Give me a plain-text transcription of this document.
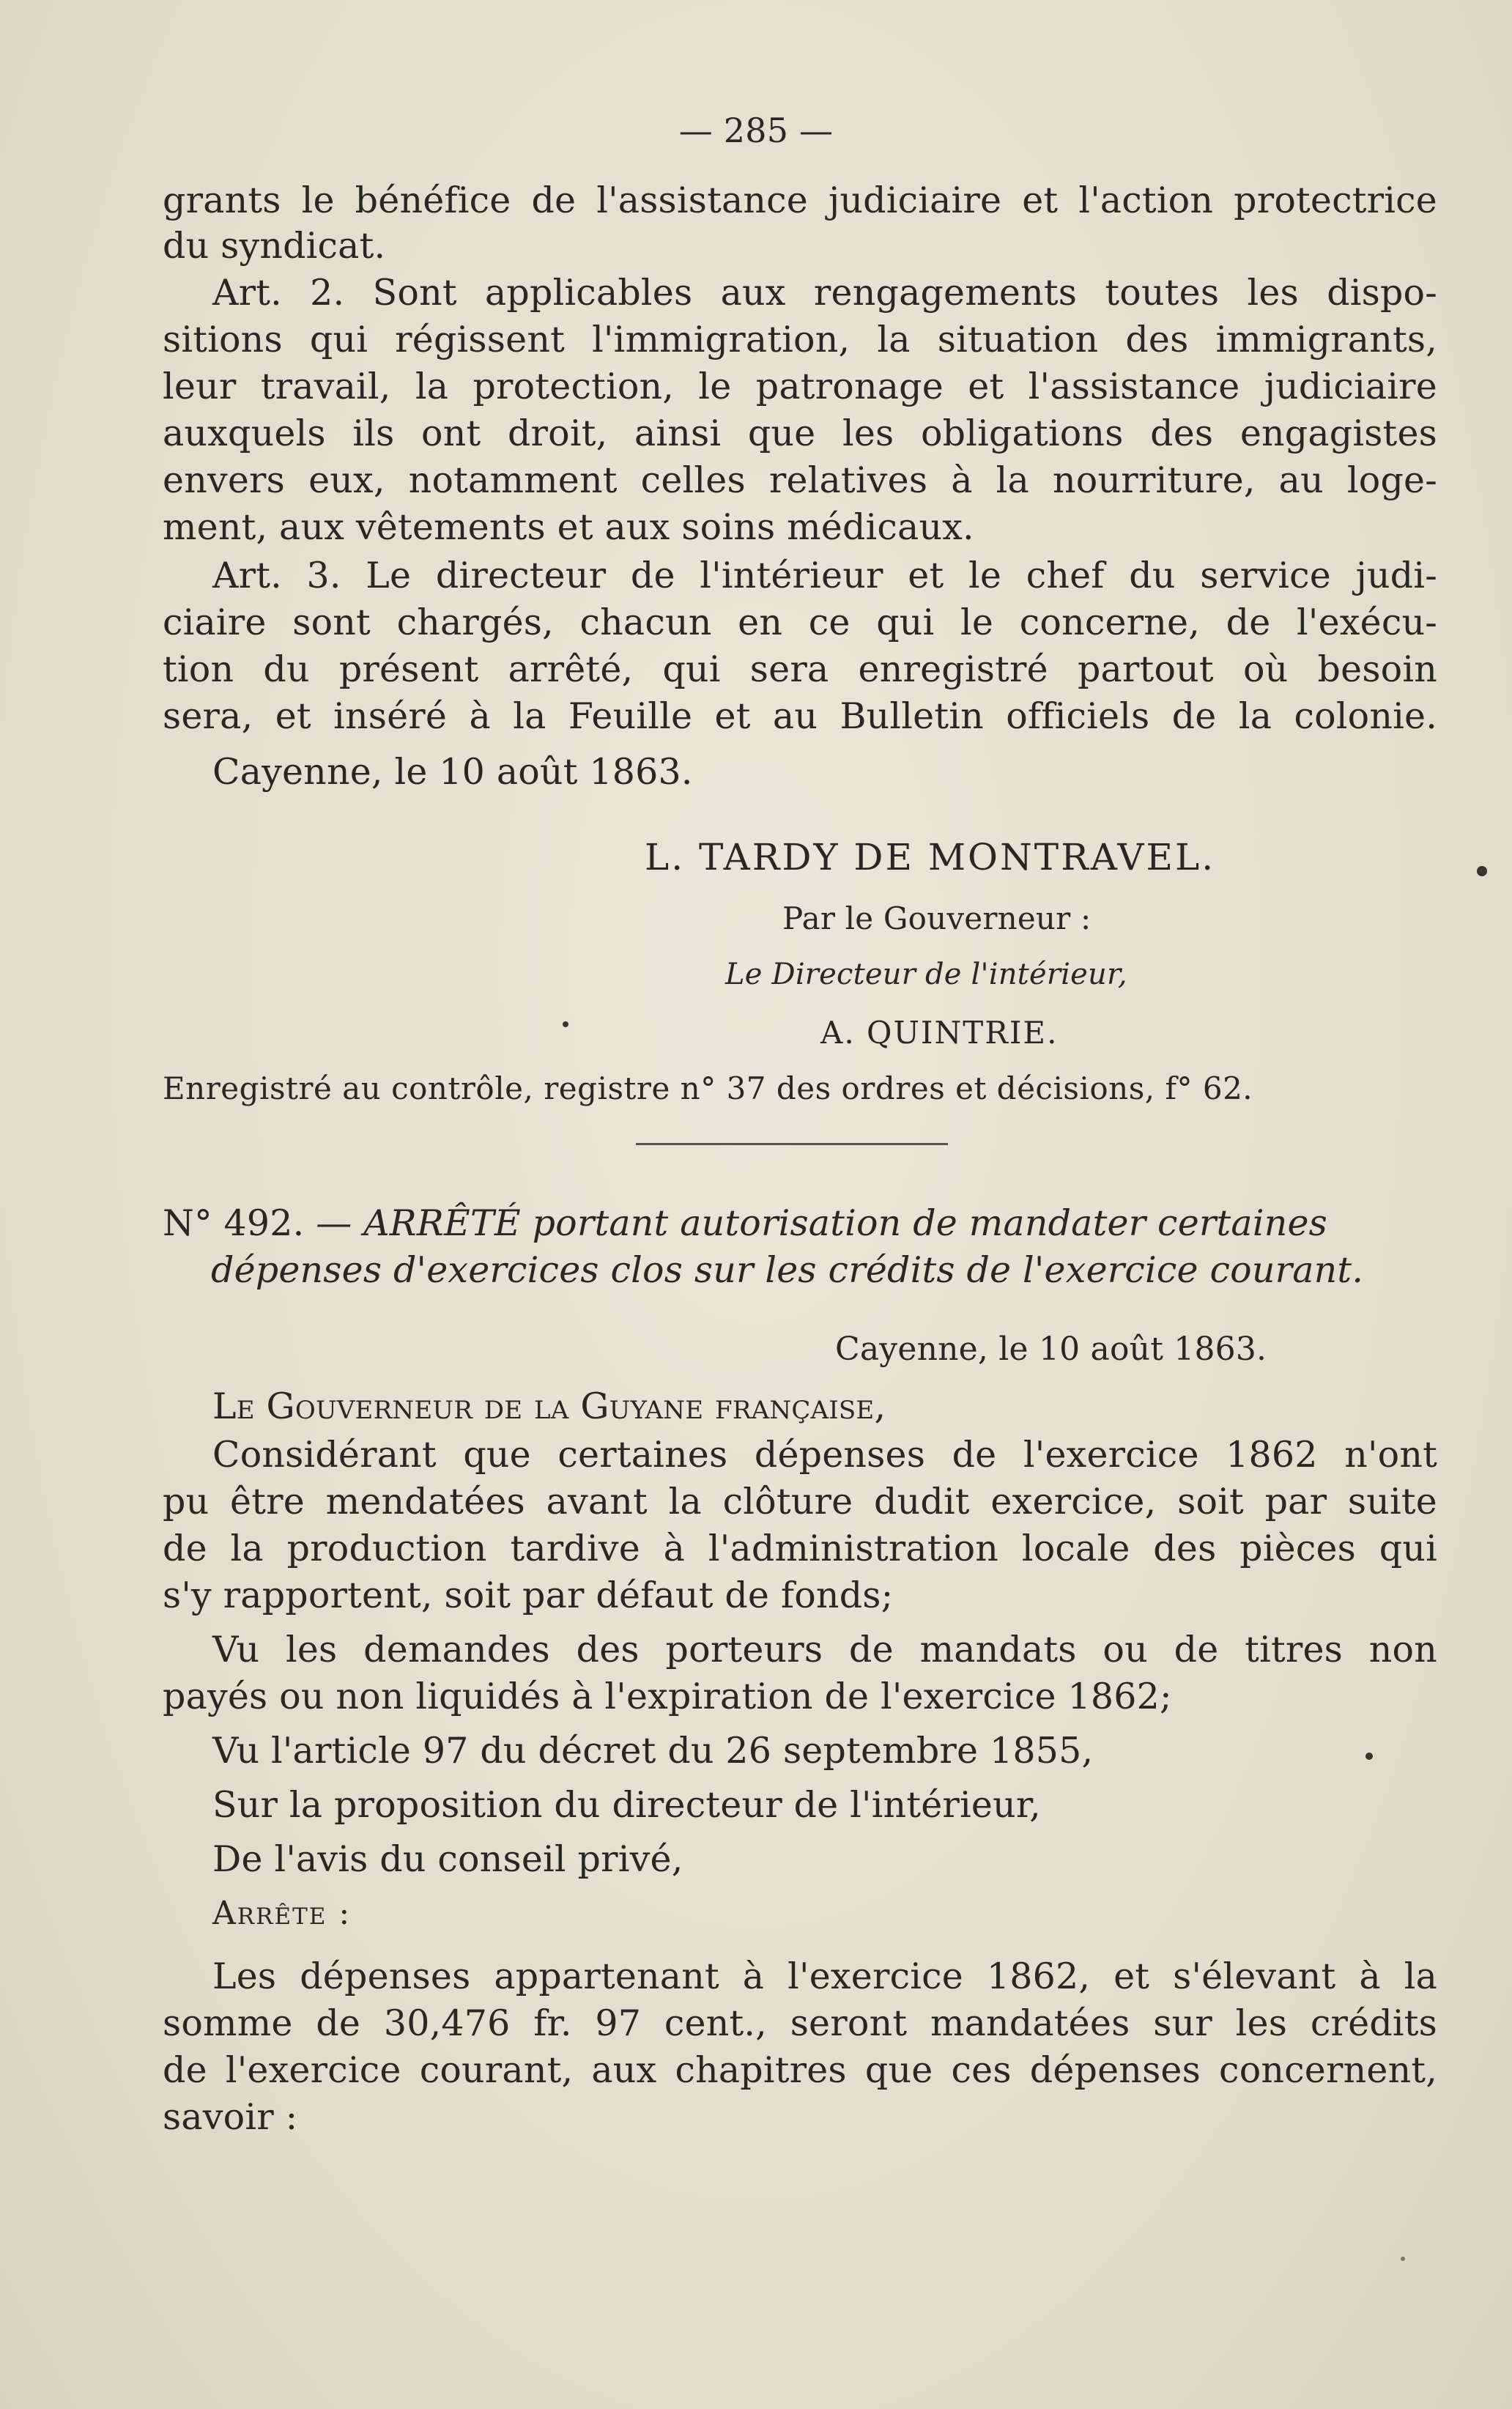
— 285 —
grants le bénéfice de l'assistance judiciaire et l'action protectrice
du syndicat.
Art. 2. Sont applicables aux rengagements toutes les dispo-
sitions qui régissent l'immigration, la situation des immigrants,
leur travail, la protection, le patronage et l'assistance judiciaire
auxquels ils ont droit, ainsi que les obligations des engagistes
envers eux, notamment celles relatives à la nourriture, au loge-
ment, aux vêtements et aux soins médicaux.
Art. 3. Le directeur de l'intérieur et le chef du service judi-
ciaire sont chargés, chacun en ce qui le concerne, de l'exécu-
tion du présent arrêté, qui sera enregistré partout où besoin
sera, et inséré à la Feuille et au Bulletin officiels de la colonie.
Cayenne, le 10 août 1863.
L. TARDY DE MONTRAVEL.
Par le Gouverneur :
Le Directeur de l'intérieur,
A. QUINTRIE.
Enregistré au contrôle, registre n° 37 des ordres et décisions, f° 62.
N° 492. — ARRÊTÉ portant autorisation de mandater certaines
dépenses d'exercices clos sur les crédits de l'exercice courant.
Cayenne, le 10 août 1863.
Le Gouverneur de la Guyane française,
Considérant que certaines dépenses de l'exercice 1862 n'ont
pu être mendatées avant la clôture dudit exercice, soit par suite
de la production tardive à l'administration locale des pièces qui
s'y rapportent, soit par défaut de fonds;
Vu les demandes des porteurs de mandats ou de titres non
payés ou non liquidés à l'expiration de l'exercice 1862;
Vu l'article 97 du décret du 26 septembre 1855,
Sur la proposition du directeur de l'intérieur,
De l'avis du conseil privé,
Arrête :
Les dépenses appartenant à l'exercice 1862, et s'élevant à la
somme de 30,476 fr. 97 cent., seront mandatées sur les crédits
de l'exercice courant, aux chapitres que ces dépenses concernent,
savoir :
